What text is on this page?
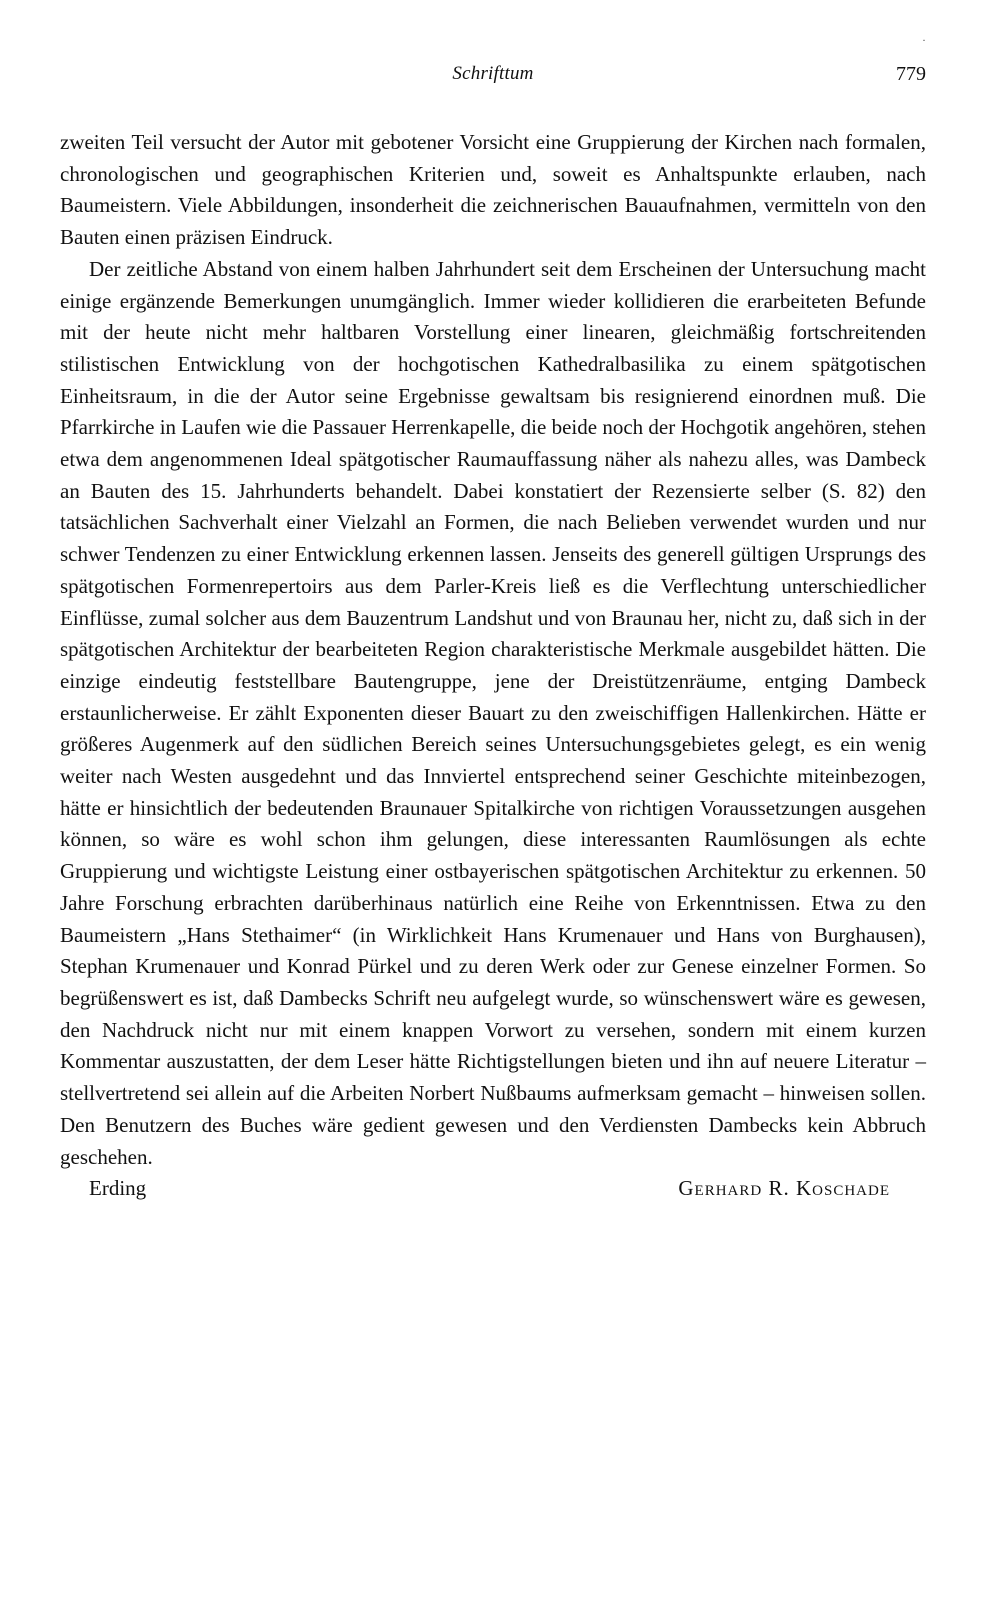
·
Schrifttum	779

zweiten Teil versucht der Autor mit gebotener Vorsicht eine Gruppierung der Kirchen nach formalen, chronologischen und geographischen Kriterien und, soweit es Anhaltspunkte erlauben, nach Baumeistern. Viele Abbildungen, insonderheit die zeichnerischen Bauaufnahmen, vermitteln von den Bauten einen präzisen Eindruck.

Der zeitliche Abstand von einem halben Jahrhundert seit dem Erscheinen der Untersuchung macht einige ergänzende Bemerkungen unumgänglich. Immer wieder kollidieren die erarbeiteten Befunde mit der heute nicht mehr haltbaren Vorstellung einer linearen, gleichmäßig fortschreitenden stilistischen Entwicklung von der hochgotischen Kathedralbasilika zu einem spätgotischen Einheitsraum, in die der Autor seine Ergebnisse gewaltsam bis resignierend einordnen muß. Die Pfarrkirche in Laufen wie die Passauer Herrenkapelle, die beide noch der Hochgotik angehören, stehen etwa dem angenommenen Ideal spätgotischer Raumauffassung näher als nahezu alles, was Dambeck an Bauten des 15. Jahrhunderts behandelt. Dabei konstatiert der Rezensierte selber (S. 82) den tatsächlichen Sachverhalt einer Vielzahl an Formen, die nach Belieben verwendet wurden und nur schwer Tendenzen zu einer Entwicklung erkennen lassen. Jenseits des generell gültigen Ursprungs des spätgotischen Formenrepertoirs aus dem Parler-Kreis ließ es die Verflechtung unterschiedlicher Einflüsse, zumal solcher aus dem Bauzentrum Landshut und von Braunau her, nicht zu, daß sich in der spätgotischen Architektur der bearbeiteten Region charakteristische Merkmale ausgebildet hätten. Die einzige eindeutig feststellbare Bautengruppe, jene der Dreistützenräume, entging Dambeck erstaunlicherweise. Er zählt Exponenten dieser Bauart zu den zweischiffigen Hallenkirchen. Hätte er größeres Augenmerk auf den südlichen Bereich seines Untersuchungsgebietes gelegt, es ein wenig weiter nach Westen ausgedehnt und das Innviertel entsprechend seiner Geschichte miteinbezogen, hätte er hinsichtlich der bedeutenden Braunauer Spitalkirche von richtigen Voraussetzungen ausgehen können, so wäre es wohl schon ihm gelungen, diese interessanten Raumlösungen als echte Gruppierung und wichtigste Leistung einer ostbayerischen spätgotischen Architektur zu erkennen. 50 Jahre Forschung erbrachten darüberhinaus natürlich eine Reihe von Erkenntnissen. Etwa zu den Baumeistern „Hans Stethaimer“ (in Wirklichkeit Hans Krumenauer und Hans von Burghausen), Stephan Krumenauer und Konrad Pürkel und zu deren Werk oder zur Genese einzelner Formen. So begrüßenswert es ist, daß Dambecks Schrift neu aufgelegt wurde, so wünschenswert wäre es gewesen, den Nachdruck nicht nur mit einem knappen Vorwort zu versehen, sondern mit einem kurzen Kommentar auszustatten, der dem Leser hätte Richtigstellungen bieten und ihn auf neuere Literatur – stellvertretend sei allein auf die Arbeiten Norbert Nußbaums aufmerksam gemacht – hinweisen sollen. Den Benutzern des Buches wäre gedient gewesen und den Verdiensten Dambecks kein Abbruch geschehen.

Erding	Gerhard R. Koschade
